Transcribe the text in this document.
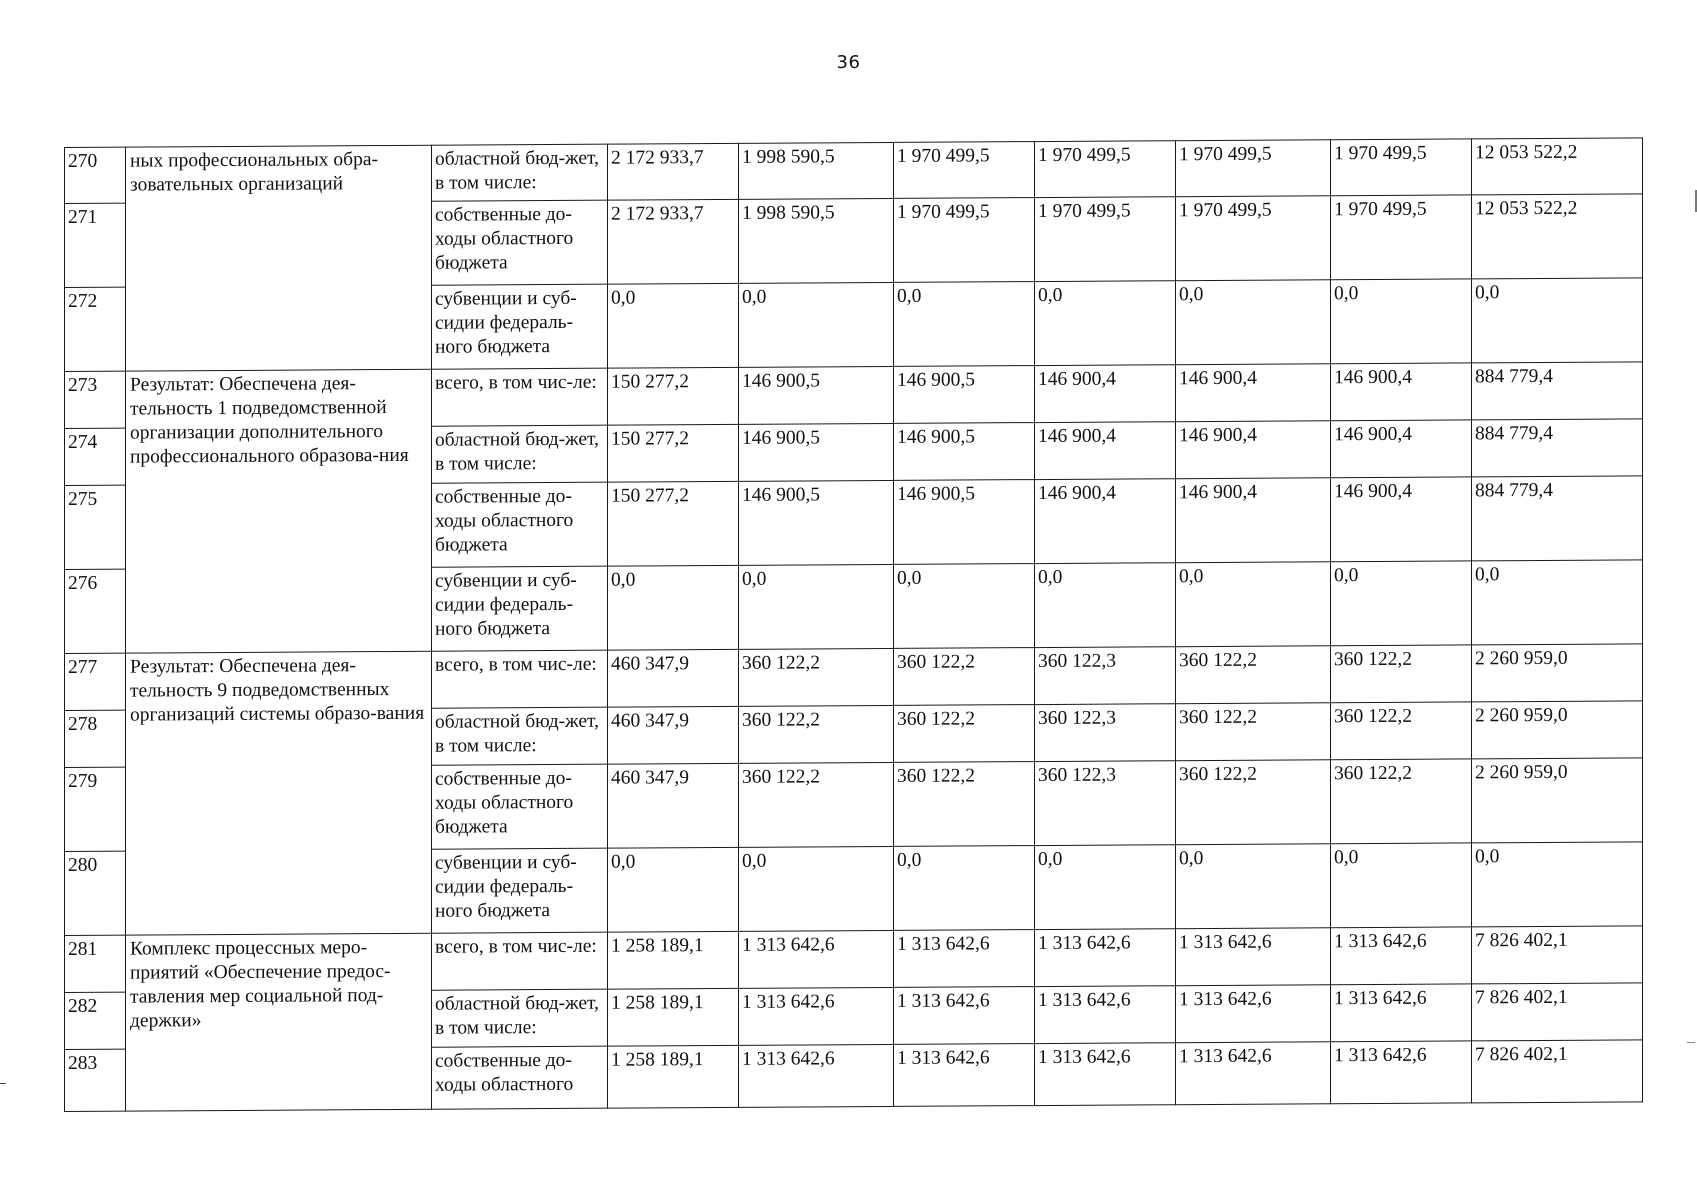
36
270	ных профессиональных обра-зовательных организаций	областной бюд-жет, в том числе:	2 172 933,7	1 998 590,5	1 970 499,5	1 970 499,5	1 970 499,5	1 970 499,5	12 053 522,2
271		собственные до-ходы областного бюджета	2 172 933,7	1 998 590,5	1 970 499,5	1 970 499,5	1 970 499,5	1 970 499,5	12 053 522,2
272		субвенции и суб-сидии федераль-ного бюджета	0,0	0,0	0,0	0,0	0,0	0,0	0,0
273	Результат: Обеспечена дея-тельность 1 подведомственной организации дополнительного профессионального образова-ния	всего, в том чис-ле:	150 277,2	146 900,5	146 900,5	146 900,4	146 900,4	146 900,4	884 779,4
274		областной бюд-жет, в том числе:	150 277,2	146 900,5	146 900,5	146 900,4	146 900,4	146 900,4	884 779,4
275		собственные до-ходы областного бюджета	150 277,2	146 900,5	146 900,5	146 900,4	146 900,4	146 900,4	884 779,4
276		субвенции и суб-сидии федераль-ного бюджета	0,0	0,0	0,0	0,0	0,0	0,0	0,0
277	Результат: Обеспечена дея-тельность 9 подведомственных организаций системы образо-вания	всего, в том чис-ле:	460 347,9	360 122,2	360 122,2	360 122,3	360 122,2	360 122,2	2 260 959,0
278		областной бюд-жет, в том числе:	460 347,9	360 122,2	360 122,2	360 122,3	360 122,2	360 122,2	2 260 959,0
279		собственные до-ходы областного бюджета	460 347,9	360 122,2	360 122,2	360 122,3	360 122,2	360 122,2	2 260 959,0
280		субвенции и суб-сидии федераль-ного бюджета	0,0	0,0	0,0	0,0	0,0	0,0	0,0
281	Комплекс процессных меро-приятий «Обеспечение предос-тавления мер социальной под-держки»	всего, в том чис-ле:	1 258 189,1	1 313 642,6	1 313 642,6	1 313 642,6	1 313 642,6	1 313 642,6	7 826 402,1
282		областной бюд-жет, в том числе:	1 258 189,1	1 313 642,6	1 313 642,6	1 313 642,6	1 313 642,6	1 313 642,6	7 826 402,1
283		собственные до-ходы областного	1 258 189,1	1 313 642,6	1 313 642,6	1 313 642,6	1 313 642,6	1 313 642,6	7 826 402,1
